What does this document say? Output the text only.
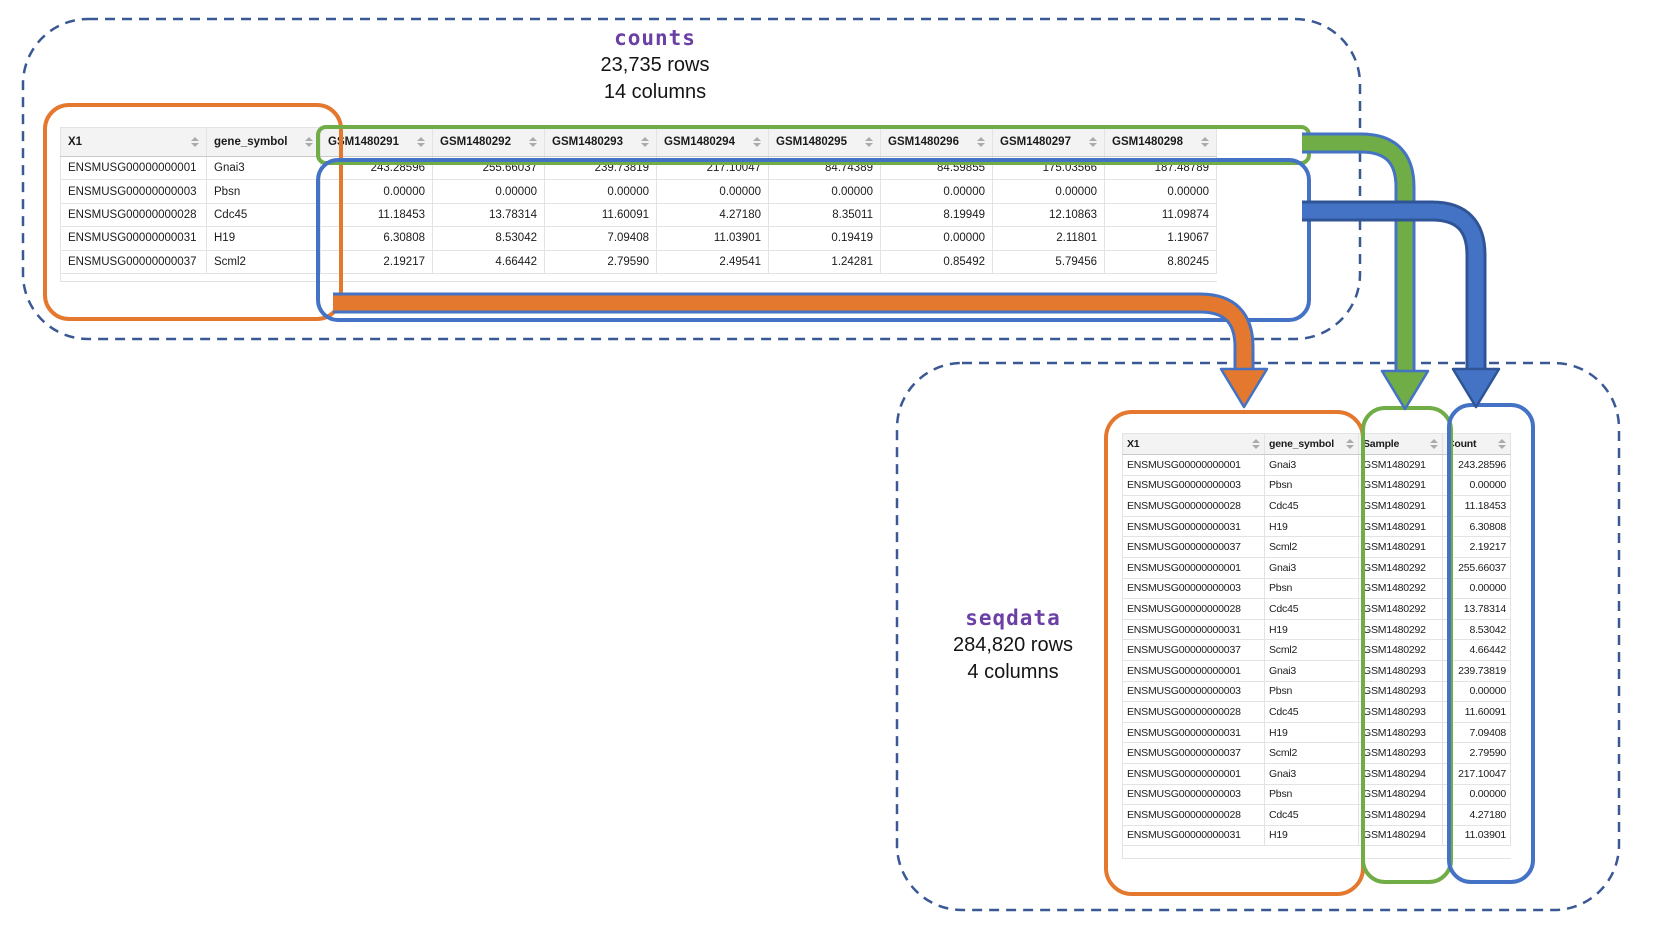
counts
23,735 rows
14 columns
seqdata
284,820 rows
4 columns
X1	gene_symbol	GSM1480291	GSM1480292	GSM1480293	GSM1480294	GSM1480295	GSM1480296	GSM1480297	GSM1480298

ENSMUSG00000000001	Gnai3	243.28596	255.66037	239.73819	217.10047	84.74389	84.59855	175.03566	187.48789
ENSMUSG00000000003	Pbsn	0.00000	0.00000	0.00000	0.00000	0.00000	0.00000	0.00000	0.00000
ENSMUSG00000000028	Cdc45	11.18453	13.78314	11.60091	4.27180	8.35011	8.19949	12.10863	11.09874
ENSMUSG00000000031	H19	6.30808	8.53042	7.09408	11.03901	0.19419	0.00000	2.11801	1.19067
ENSMUSG00000000037	Scml2	2.19217	4.66442	2.79590	2.49541	1.24281	0.85492	5.79456	8.80245

X1	gene_symbol	Sample	Count

ENSMUSG00000000001	Gnai3	GSM1480291	243.28596
ENSMUSG00000000003	Pbsn	GSM1480291	0.00000
ENSMUSG00000000028	Cdc45	GSM1480291	11.18453
ENSMUSG00000000031	H19	GSM1480291	6.30808
ENSMUSG00000000037	Scml2	GSM1480291	2.19217
ENSMUSG00000000001	Gnai3	GSM1480292	255.66037
ENSMUSG00000000003	Pbsn	GSM1480292	0.00000
ENSMUSG00000000028	Cdc45	GSM1480292	13.78314
ENSMUSG00000000031	H19	GSM1480292	8.53042
ENSMUSG00000000037	Scml2	GSM1480292	4.66442
ENSMUSG00000000001	Gnai3	GSM1480293	239.73819
ENSMUSG00000000003	Pbsn	GSM1480293	0.00000
ENSMUSG00000000028	Cdc45	GSM1480293	11.60091
ENSMUSG00000000031	H19	GSM1480293	7.09408
ENSMUSG00000000037	Scml2	GSM1480293	2.79590
ENSMUSG00000000001	Gnai3	GSM1480294	217.10047
ENSMUSG00000000003	Pbsn	GSM1480294	0.00000
ENSMUSG00000000028	Cdc45	GSM1480294	4.27180
ENSMUSG00000000031	H19	GSM1480294	11.03901
